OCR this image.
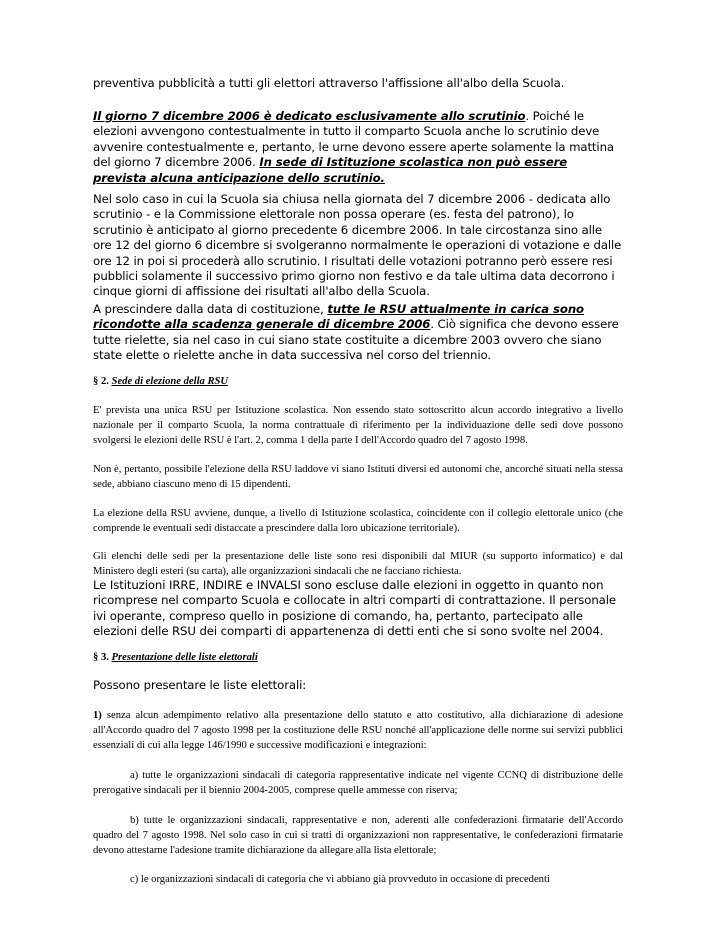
preventiva pubblicità a tutti gli elettori attraverso l'affissione all'albo della Scuola.

Il giorno 7 dicembre 2006 è dedicato esclusivamente allo scrutinio. Poiché le elezioni avvengono contestualmente in tutto il comparto Scuola anche lo scrutinio deve avvenire contestualmente e, pertanto, le urne devono essere aperte solamente la mattina del giorno 7 dicembre 2006. In sede di Istituzione scolastica non può essere prevista alcuna anticipazione dello scrutinio.

Nel solo caso in cui la Scuola sia chiusa nella giornata del 7 dicembre 2006 - dedicata allo scrutinio - e la Commissione elettorale non possa operare (es. festa del patrono), lo scrutinio è anticipato al giorno precedente 6 dicembre 2006. In tale circostanza sino alle ore 12 del giorno 6 dicembre si svolgeranno normalmente le operazioni di votazione e dalle ore 12 in poi si procederà allo scrutinio. I risultati delle votazioni potranno però essere resi pubblici solamente il successivo primo giorno non festivo e da tale ultima data decorrono i cinque giorni di affissione dei risultati all'albo della Scuola.

A prescindere dalla data di costituzione, tutte le RSU attualmente in carica sono ricondotte alla scadenza generale di dicembre 2006. Ciò significa che devono essere tutte rielette, sia nel caso in cui siano state costituite a dicembre 2003 ovvero che siano state elette o rielette anche in data successiva nel corso del triennio.

§ 2. Sede di elezione della RSU

E' prevista una unica RSU per Istituzione scolastica. Non essendo stato sottoscritto alcun accordo integrativo a livello nazionale per il comparto Scuola, la norma contrattuale di riferimento per la individuazione delle sedi dove possono svolgersi le elezioni delle RSU è l'art. 2, comma 1 della parte I dell'Accordo quadro del 7 agosto 1998.

Non è, pertanto, possibile l'elezione della RSU laddove vi siano Istituti diversi ed autonomi che, ancorché situati nella stessa sede, abbiano ciascuno meno di 15 dipendenti.

La elezione della RSU avviene, dunque, a livello di Istituzione scolastica, coincidente con il collegio elettorale unico (che comprende le eventuali sedi distaccate a prescindere dalla loro ubicazione territoriale).

Gli elenchi delle sedi per la presentazione delle liste sono resi disponibili dal MIUR (su supporto informatico) e dal Ministero degli esteri (su carta), alle organizzazioni sindacali che ne facciano richiesta.

Le Istituzioni IRRE, INDIRE e INVALSI sono escluse dalle elezioni in oggetto in quanto non ricomprese nel comparto Scuola e collocate in altri comparti di contrattazione. Il personale ivi operante, compreso quello in posizione di comando, ha, pertanto, partecipato alle elezioni delle RSU dei comparti di appartenenza di detti enti che si sono svolte nel 2004.

§ 3. Presentazione delle liste elettorali

Possono presentare le liste elettorali:

1) senza alcun adempimento relativo alla presentazione dello statuto e atto costitutivo, alla dichiarazione di adesione all'Accordo quadro del 7 agosto 1998 per la costituzione delle RSU nonché all'applicazione delle norme sui servizi pubblici essenziali di cui alla legge 146/1990 e successive modificazioni e integrazioni:

a) tutte le organizzazioni sindacali di categoria rappresentative indicate nel vigente CCNQ di distribuzione delle prerogative sindacali per il biennio 2004-2005, comprese quelle ammesse con riserva;

b) tutte le organizzazioni sindacali, rappresentative e non, aderenti alle confederazioni firmatarie dell'Accordo quadro del 7 agosto 1998. Nel solo caso in cui si tratti di organizzazioni non rappresentative, le confederazioni firmatarie devono attestarne l'adesione tramite dichiarazione da allegare alla lista elettorale;

c) le organizzazioni sindacali di categoria che vi abbiano già provveduto in occasione di precedenti
